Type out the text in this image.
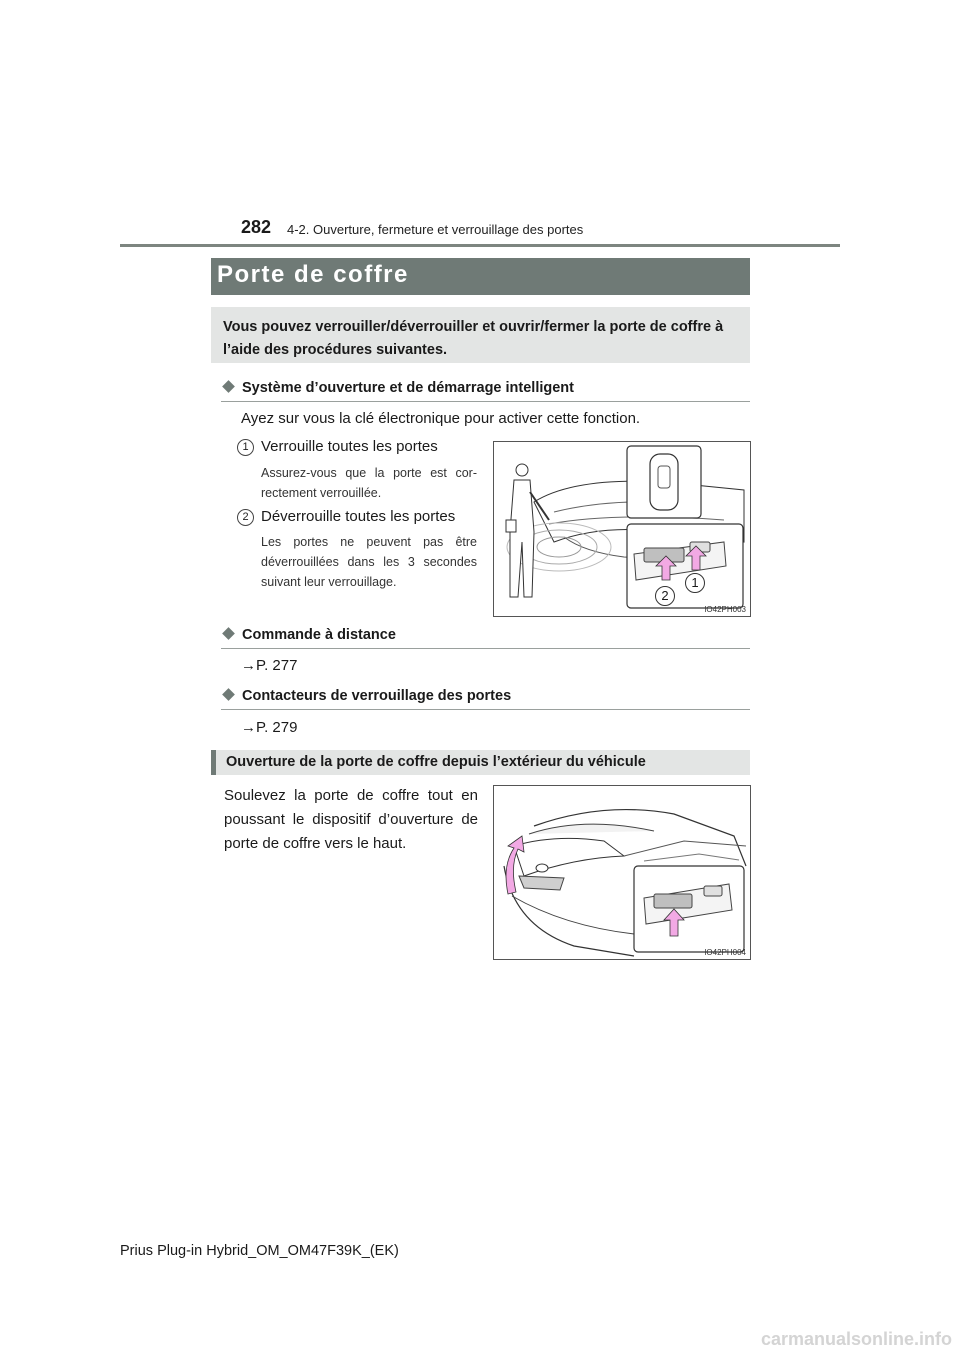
282 4-2. Ouverture, fermeture et verrouillage des portes
Porte de coffre
Vous pouvez verrouiller/déverrouiller et ouvrir/fermer la porte de coffre à l’aide des procédures suivantes.
Système d’ouverture et de démarrage intelligent
Ayez sur vous la clé électronique pour activer cette fonction.
1 Verrouille toutes les portes
Assurez-vous que la porte est cor-rectement verrouillée.
2 Déverrouille toutes les portes
Les portes ne peuvent pas être déverrouillées dans les 3 secondes suivant leur verrouillage.
2
1
IO42PH003
Commande à distance
→P. 277
Contacteurs de verrouillage des portes
→P. 279
Ouverture de la porte de coffre depuis l’extérieur du véhicule
Soulevez la porte de coffre tout en poussant le dispositif d’ouverture de porte de coffre vers le haut.
IO42PH004
Prius Plug-in Hybrid_OM_OM47F39K_(EK)
carmanualsonline.info
